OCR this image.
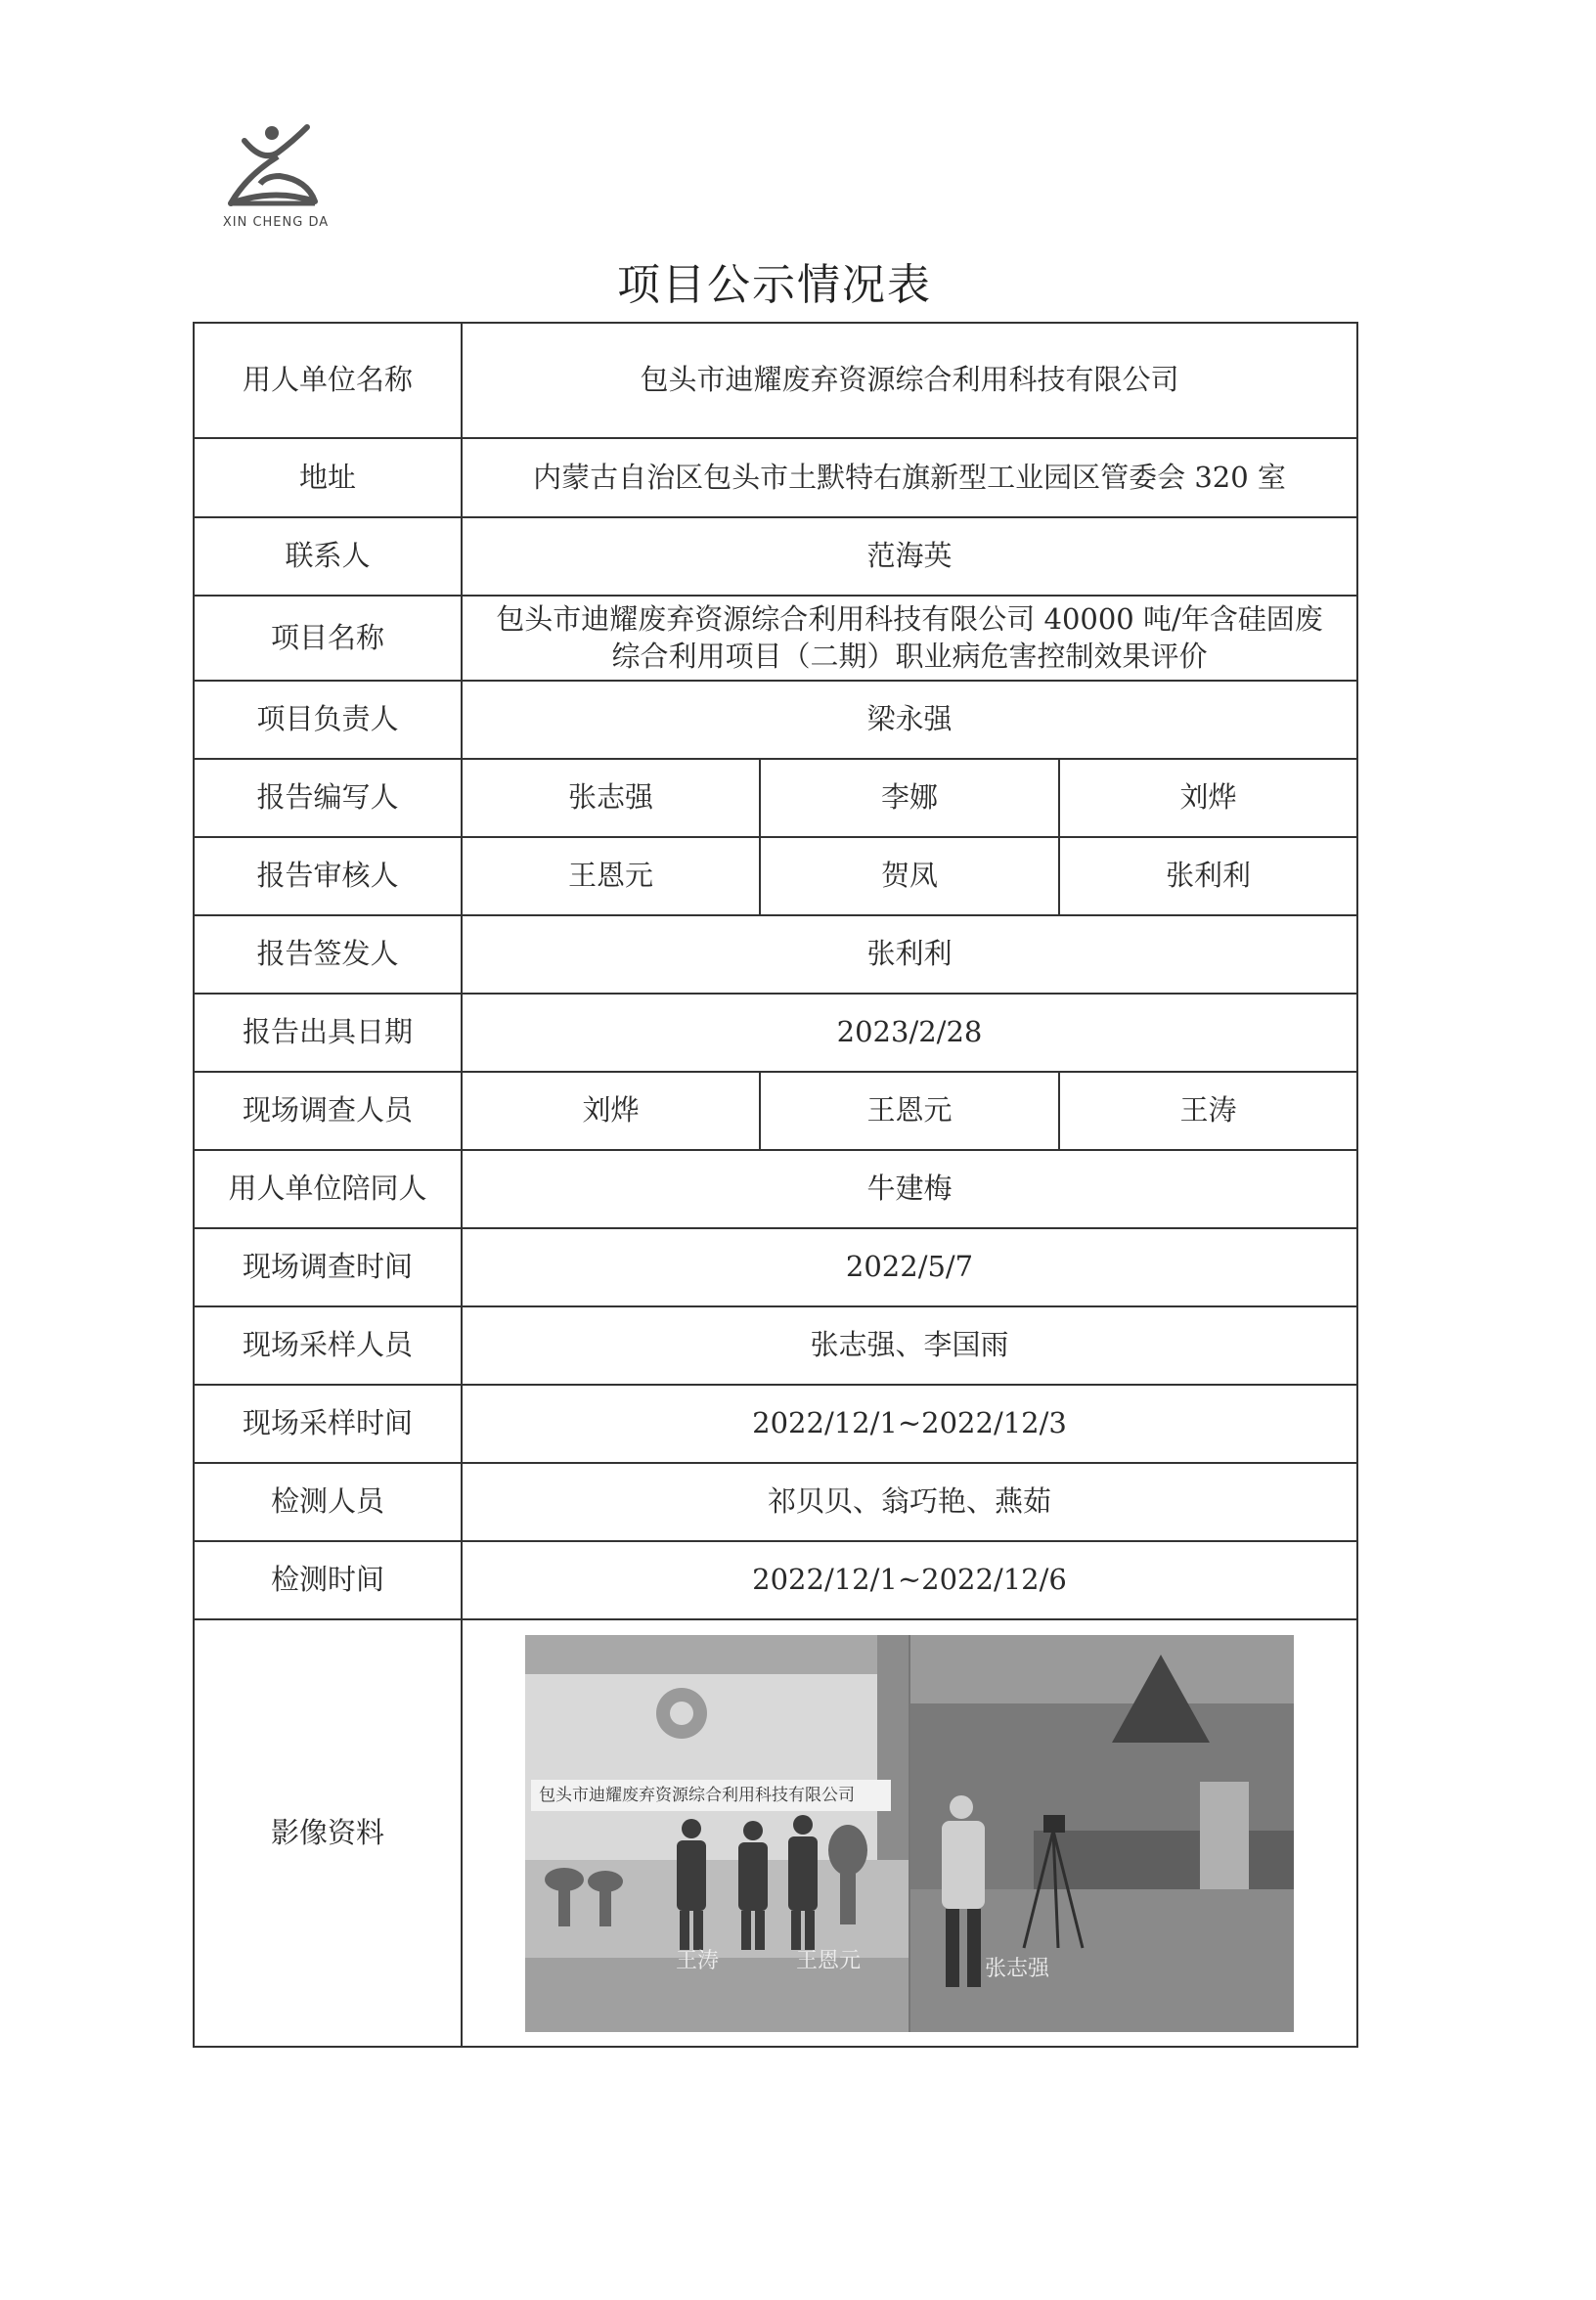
XIN CHENG DA
项目公示情况表
用人单位名称	包头市迪耀废弃资源综合利用科技有限公司		
地址	内蒙古自治区包头市土默特右旗新型工业园区管委会 320 室		
联系人	范海英		
项目名称	包头市迪耀废弃资源综合利用科技有限公司 40000 吨/年含硅固废
综合利用项目（二期）职业病危害控制效果评价		

项目负责人	梁永强		
报告编写人	张志强	李娜	刘烨
报告审核人	王恩元	贺凤	张利利
报告签发人	张利利		
报告出具日期	2023/2/28		
现场调查人员	刘烨	王恩元	王涛
用人单位陪同人	牛建梅		
现场调查时间	2022/5/7		
现场采样人员	张志强、李国雨		
现场采样时间	2022/12/1~2022/12/3		
检测人员	祁贝贝、翁巧艳、燕茹		
检测时间	2022/12/1~2022/12/6		
影像资料	包头市迪耀废弃资源综合利用科技有限公司
王涛 王恩元 张志强		
